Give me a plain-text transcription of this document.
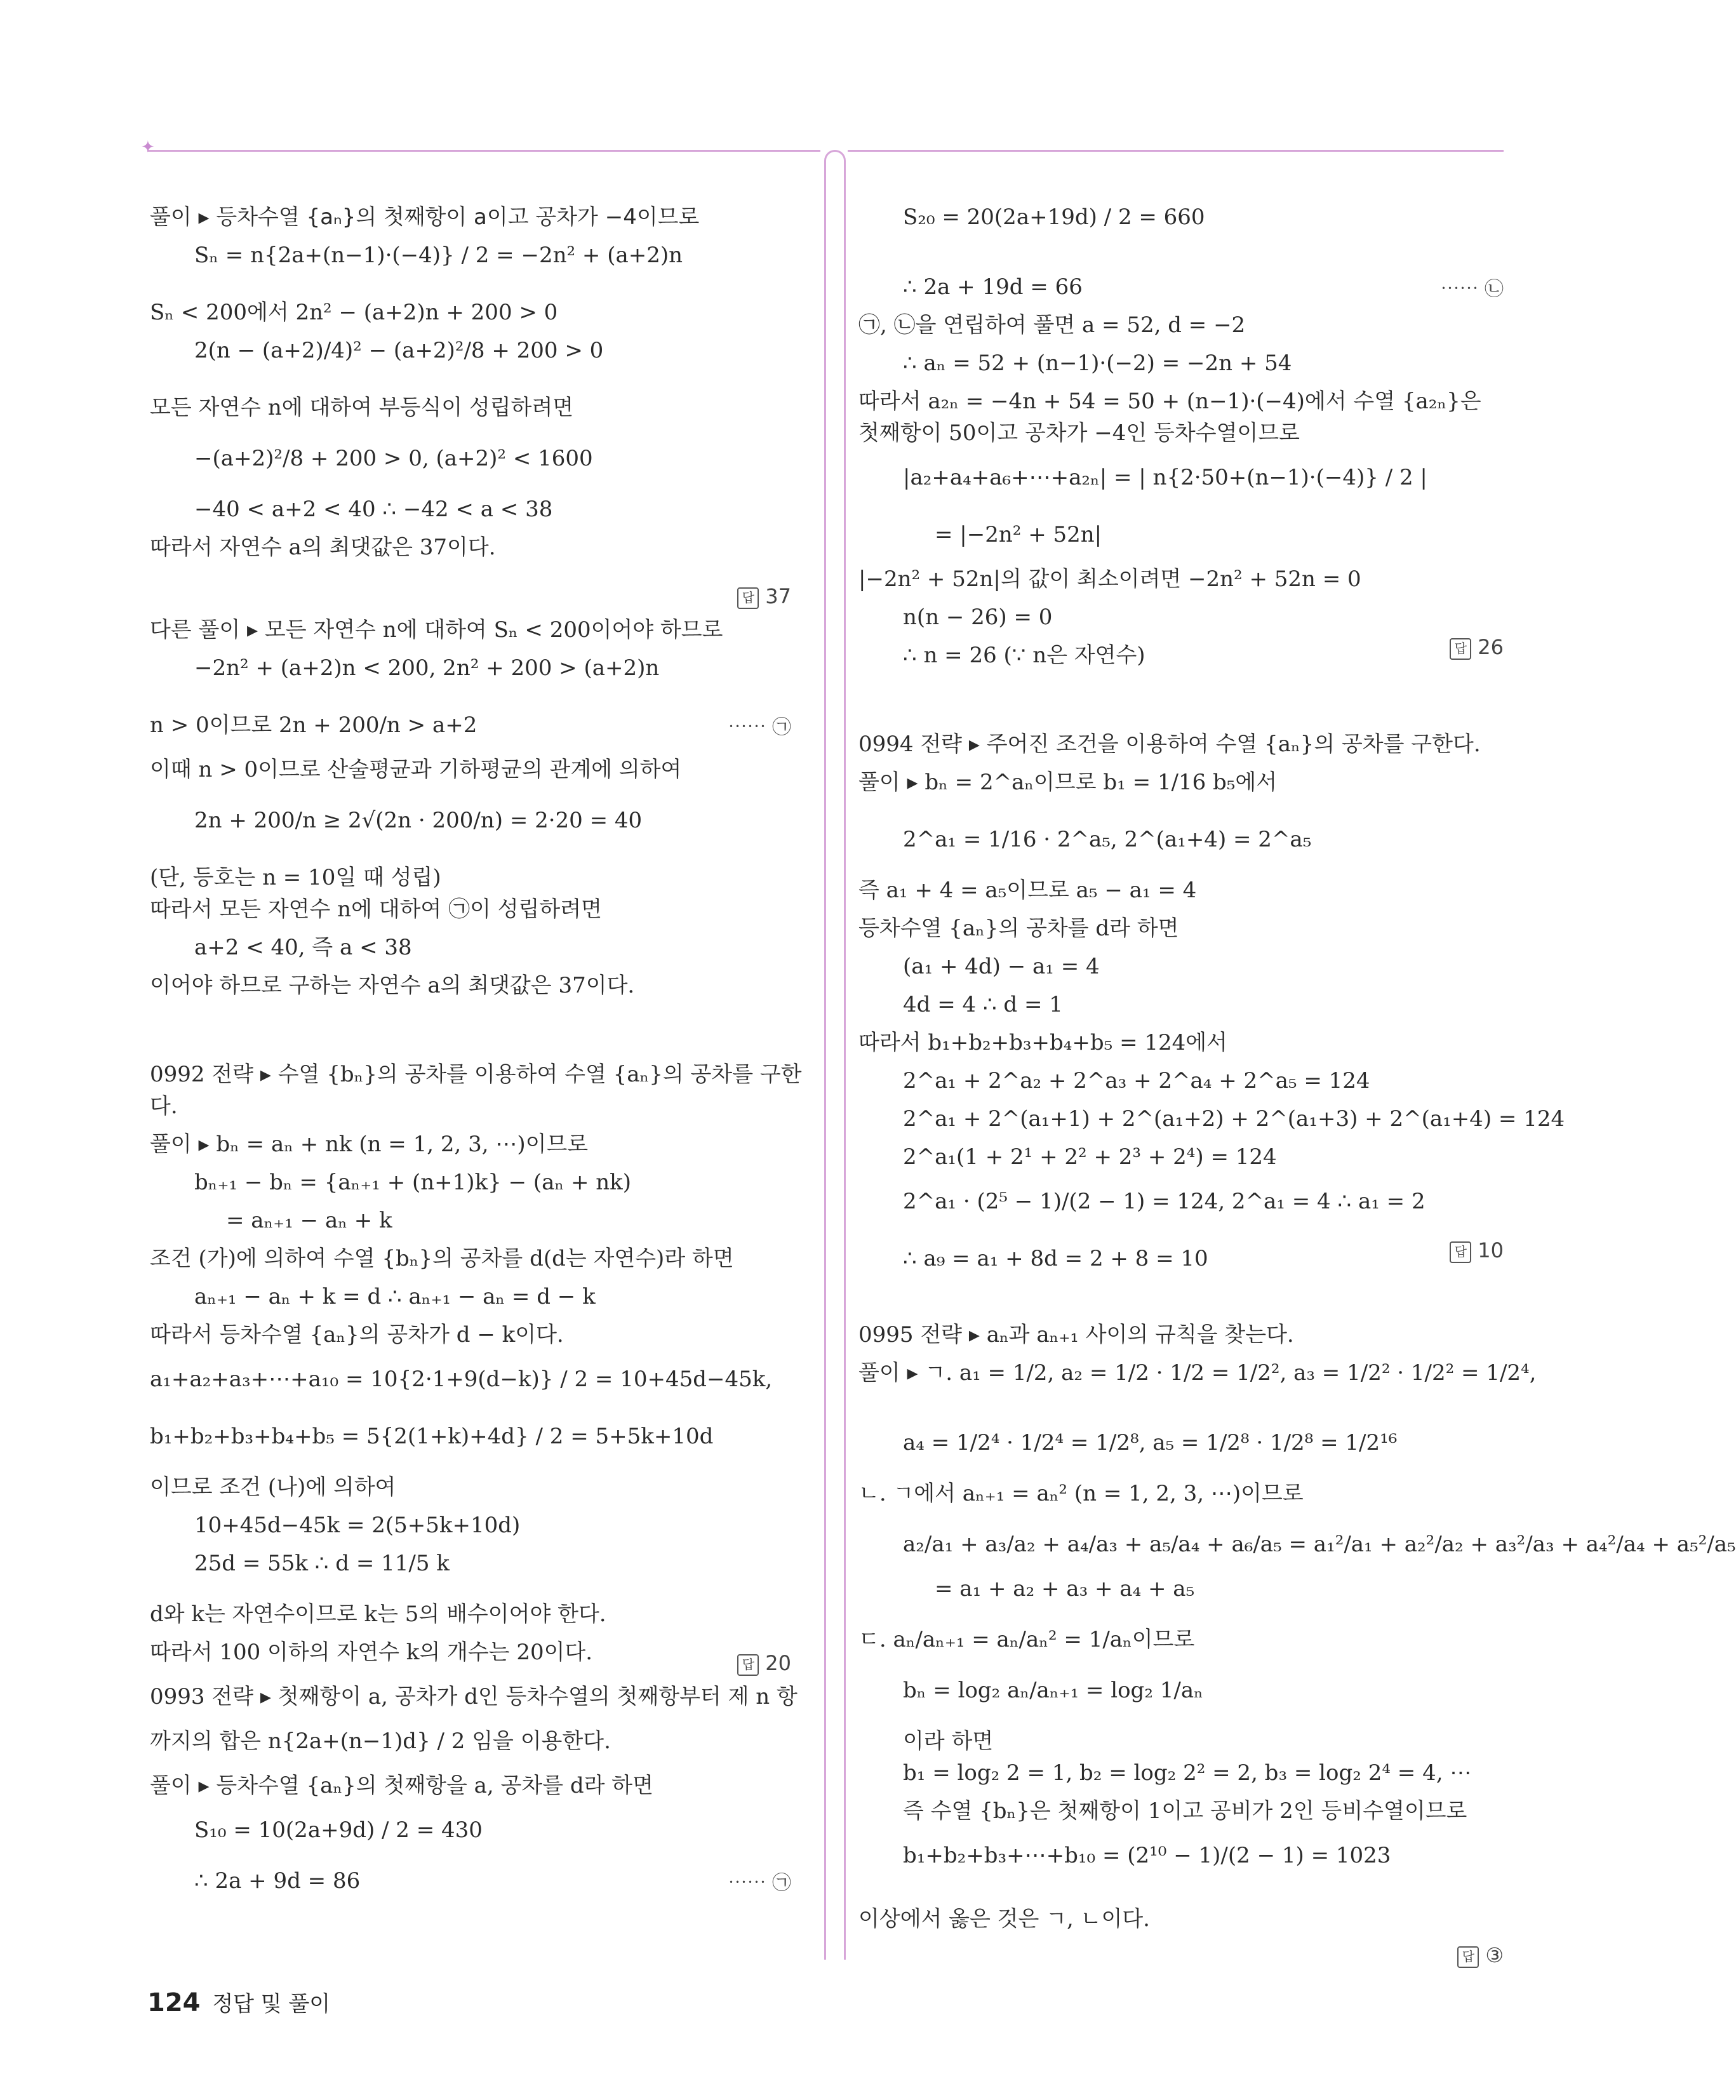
✦
풀이 ▸ 등차수열 {aₙ}의 첫째항이 a이고 공차가 −4이므로
Sₙ = n{2a+(n−1)·(−4)} / 2 = −2n² + (a+2)n
Sₙ < 200에서 2n² − (a+2)n + 200 > 0
2(n − (a+2)/4)² − (a+2)²/8 + 200 > 0
모든 자연수 n에 대하여 부등식이 성립하려면
−(a+2)²/8 + 200 > 0, (a+2)² < 1600
−40 < a+2 < 40 ∴ −42 < a < 38
따라서 자연수 a의 최댓값은 37이다.
다른 풀이 ▸ 모든 자연수 n에 대하여 Sₙ < 200이어야 하므로
−2n² + (a+2)n < 200, 2n² + 200 > (a+2)n
n > 0이므로 2n + 200/n > a+2
이때 n > 0이므로 산술평균과 기하평균의 관계에 의하여
2n + 200/n ≥ 2√(2n · 200/n) = 2·20 = 40
(단, 등호는 n = 10일 때 성립)
따라서 모든 자연수 n에 대하여 ㉠이 성립하려면
a+2 < 40, 즉 a < 38
이어야 하므로 구하는 자연수 a의 최댓값은 37이다.
0992 전략 ▸ 수열 {bₙ}의 공차를 이용하여 수열 {aₙ}의 공차를 구한
다.
풀이 ▸ bₙ = aₙ + nk (n = 1, 2, 3, ⋯)이므로
bₙ₊₁ − bₙ = {aₙ₊₁ + (n+1)k} − (aₙ + nk)
= aₙ₊₁ − aₙ + k
조건 (가)에 의하여 수열 {bₙ}의 공차를 d(d는 자연수)라 하면
aₙ₊₁ − aₙ + k = d ∴ aₙ₊₁ − aₙ = d − k
따라서 등차수열 {aₙ}의 공차가 d − k이다.
a₁+a₂+a₃+⋯+a₁₀ = 10{2·1+9(d−k)} / 2 = 10+45d−45k,
b₁+b₂+b₃+b₄+b₅ = 5{2(1+k)+4d} / 2 = 5+5k+10d
이므로 조건 (나)에 의하여
10+45d−45k = 2(5+5k+10d)
25d = 55k ∴ d = 11/5 k
d와 k는 자연수이므로 k는 5의 배수이어야 한다.
따라서 100 이하의 자연수 k의 개수는 20이다.
0993 전략 ▸ 첫째항이 a, 공차가 d인 등차수열의 첫째항부터 제 n 항
까지의 합은 n{2a+(n−1)d} / 2 임을 이용한다.
풀이 ▸ 등차수열 {aₙ}의 첫째항을 a, 공차를 d라 하면
S₁₀ = 10(2a+9d) / 2 = 430
∴ 2a + 9d = 86
답 37
답 20
⋯⋯ ㉠
⋯⋯ ㉠
S₂₀ = 20(2a+19d) / 2 = 660
∴ 2a + 19d = 66
㉠, ㉡을 연립하여 풀면 a = 52, d = −2
∴ aₙ = 52 + (n−1)·(−2) = −2n + 54
따라서 a₂ₙ = −4n + 54 = 50 + (n−1)·(−4)에서 수열 {a₂ₙ}은
첫째항이 50이고 공차가 −4인 등차수열이므로
|a₂+a₄+a₆+⋯+a₂ₙ| = | n{2·50+(n−1)·(−4)} / 2 |
= |−2n² + 52n|
|−2n² + 52n|의 값이 최소이려면 −2n² + 52n = 0
n(n − 26) = 0
∴ n = 26 (∵ n은 자연수)
0994 전략 ▸ 주어진 조건을 이용하여 수열 {aₙ}의 공차를 구한다.
풀이 ▸ bₙ = 2^aₙ이므로 b₁ = 1/16 b₅에서
2^a₁ = 1/16 · 2^a₅, 2^(a₁+4) = 2^a₅
즉 a₁ + 4 = a₅이므로 a₅ − a₁ = 4
등차수열 {aₙ}의 공차를 d라 하면
(a₁ + 4d) − a₁ = 4
4d = 4 ∴ d = 1
따라서 b₁+b₂+b₃+b₄+b₅ = 124에서
2^a₁ + 2^a₂ + 2^a₃ + 2^a₄ + 2^a₅ = 124
2^a₁ + 2^(a₁+1) + 2^(a₁+2) + 2^(a₁+3) + 2^(a₁+4) = 124
2^a₁(1 + 2¹ + 2² + 2³ + 2⁴) = 124
2^a₁ · (2⁵ − 1)/(2 − 1) = 124, 2^a₁ = 4 ∴ a₁ = 2
∴ a₉ = a₁ + 8d = 2 + 8 = 10
0995 전략 ▸ aₙ과 aₙ₊₁ 사이의 규칙을 찾는다.
풀이 ▸ ㄱ. a₁ = 1/2, a₂ = 1/2 · 1/2 = 1/2², a₃ = 1/2² · 1/2² = 1/2⁴,
a₄ = 1/2⁴ · 1/2⁴ = 1/2⁸, a₅ = 1/2⁸ · 1/2⁸ = 1/2¹⁶
ㄴ. ㄱ에서 aₙ₊₁ = aₙ² (n = 1, 2, 3, ⋯)이므로
a₂/a₁ + a₃/a₂ + a₄/a₃ + a₅/a₄ + a₆/a₅ = a₁²/a₁ + a₂²/a₂ + a₃²/a₃ + a₄²/a₄ + a₅²/a₅
= a₁ + a₂ + a₃ + a₄ + a₅
ㄷ. aₙ/aₙ₊₁ = aₙ/aₙ² = 1/aₙ이므로
bₙ = log₂ aₙ/aₙ₊₁ = log₂ 1/aₙ
이라 하면
b₁ = log₂ 2 = 1, b₂ = log₂ 2² = 2, b₃ = log₂ 2⁴ = 4, ⋯
즉 수열 {bₙ}은 첫째항이 1이고 공비가 2인 등비수열이므로
b₁+b₂+b₃+⋯+b₁₀ = (2¹⁰ − 1)/(2 − 1) = 1023
이상에서 옳은 것은 ㄱ, ㄴ이다.
답 26
답 10
답 ③
⋯⋯ ㉡
124 정답 및 풀이
